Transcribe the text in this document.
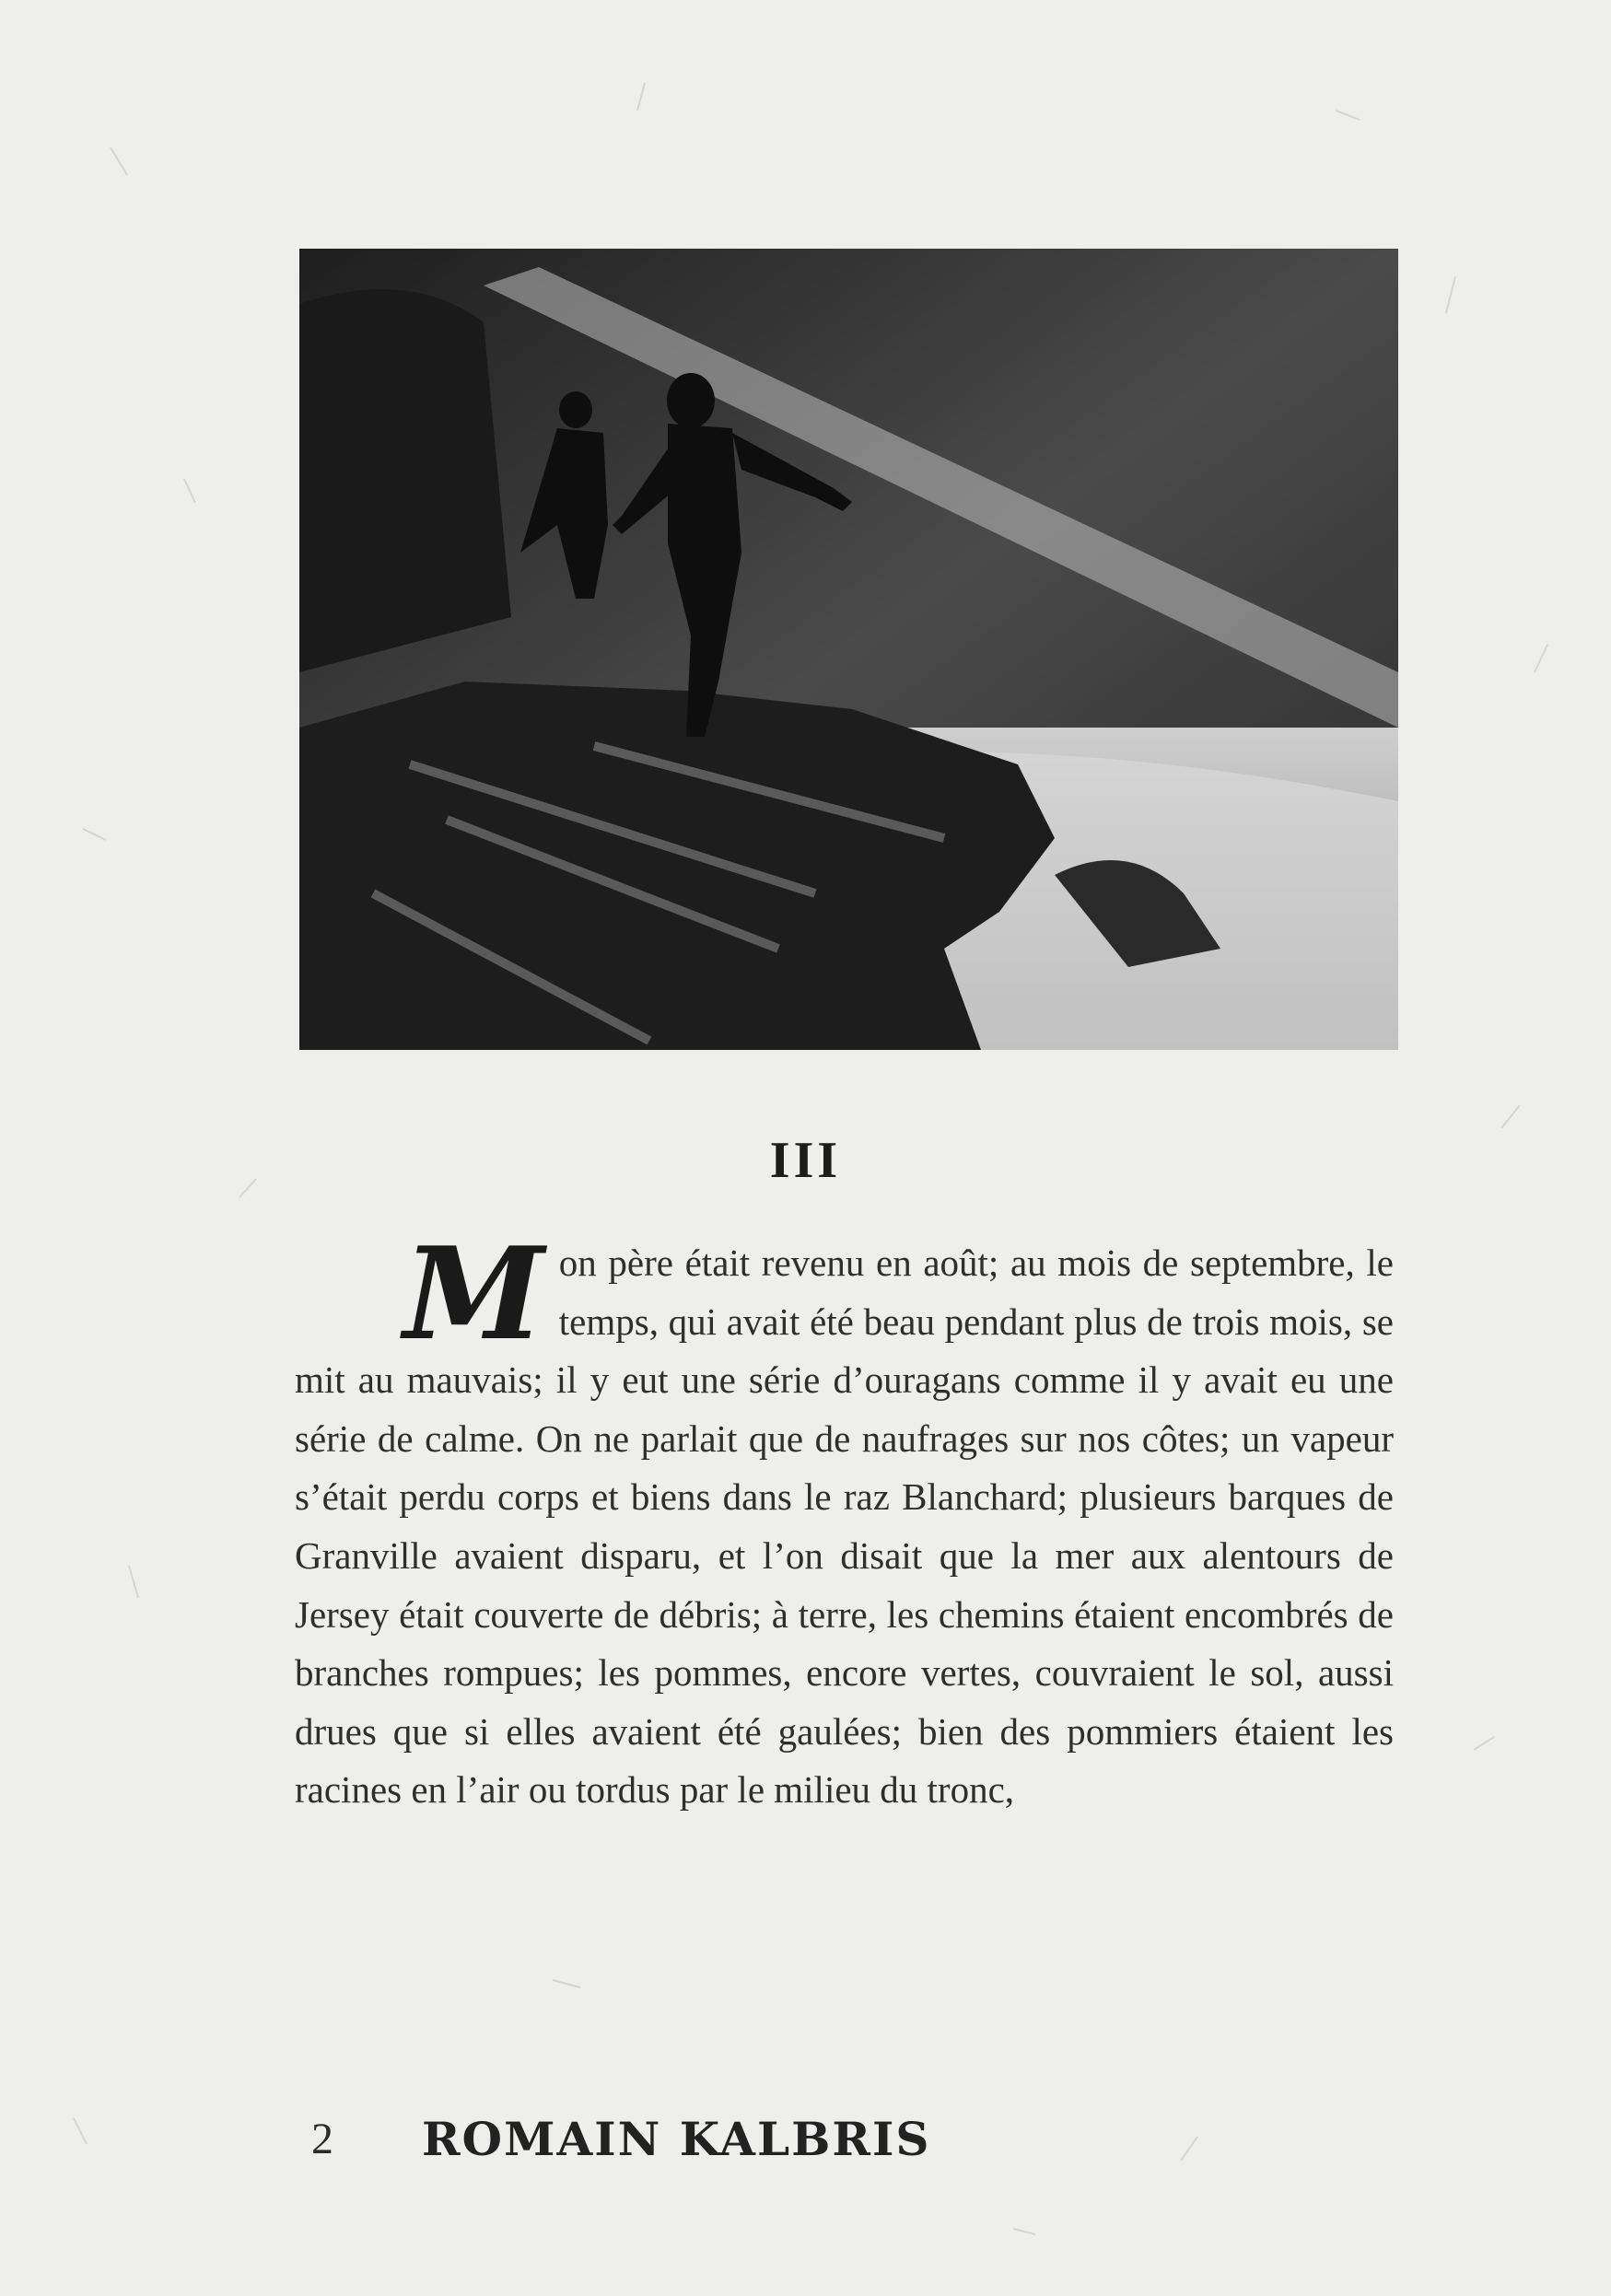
III
M on père était revenu en août; au mois de septembre, le temps, qui avait été beau pendant plus de trois mois, se mit au mauvais; il y eut une série d’ouragans comme il y avait eu une série de calme. On ne parlait que de naufrages sur nos côtes; un vapeur s’était perdu corps et biens dans le raz Blanchard; plusieurs barques de Granville avaient disparu, et l’on disait que la mer aux alentours de Jersey était couverte de débris; à terre, les chemins étaient encombrés de branches rompues; les pommes, encore vertes, couvraient le sol, aussi drues que si elles avaient été gaulées; bien des pommiers étaient les racines en l’air ou tordus par le milieu du tronc,
2	ROMAIN KALBRIS
